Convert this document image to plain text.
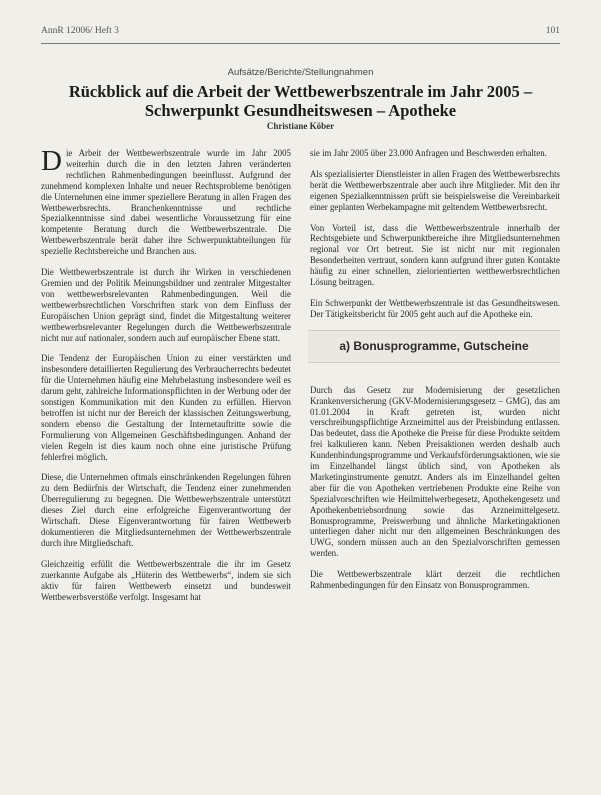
AnnR 12006/ Heft 3	101
Aufsätze/Berichte/Stellungnahmen
Rückblick auf die Arbeit der Wettbewerbszentrale im Jahr 2005 –
Schwerpunkt Gesundheitswesen – Apotheke
Christiane Köber

Die Arbeit der Wettbewerbszentrale wurde im Jahr 2005 weiterhin durch die in den letzten Jahren veränderten rechtlichen Rahmenbedingungen beeinflusst. Aufgrund der zunehmend komplexen Inhalte und neuer Rechtsprobleme benötigen die Unternehmen eine immer speziellere Beratung in allen Fragen des Wettbewerbsrechts. Branchenkenntnisse und rechtliche Spezialkenntnisse sind dabei wesentliche Voraussetzung für eine kompetente Beratung durch die Wettbewerbszentrale. Die Wettbewerbszentrale berät daher ihre Schwerpunktabteilungen für spezielle Rechtsbereiche und Branchen aus.

Die Wettbewerbszentrale ist durch ihr Wirken in verschiedenen Gremien und der Politik Meinungsbildner und zentraler Mitgestalter von wettbewerbsrelevanten Rahmenbedingungen. Weil die wettbewerbsrechtlichen Vorschriften stark von dem Einfluss der Europäischen Union geprägt sind, findet die Mitgestaltung weiterer wettbewerbsrelevanter Regelungen durch die Wettbewerbszentrale nicht nur auf nationaler, sondern auch auf europäischer Ebene statt.

Die Tendenz der Europäischen Union zu einer verstärkten und insbesondere detaillierten Regulierung des Verbraucherrechts bedeutet für die Unternehmen häufig eine Mehrbelastung insbesondere weil es darum geht, zahlreiche Informationspflichten in der Werbung oder der sonstigen Kommunikation mit den Kunden zu erfüllen. Hiervon betroffen ist nicht nur der Bereich der klassischen Zeitungswerbung, sondern ebenso die Gestaltung der Internetauftritte sowie die Formulierung von Allgemeinen Geschäftsbedingungen. Anhand der vielen Regeln ist dies kaum noch ohne eine juristische Prüfung fehlerfrei möglich.

Diese, die Unternehmen oftmals einschränkenden Regelungen führen zu dem Bedürfnis der Wirtschaft, die Tendenz einer zunehmenden Überregulierung zu begegnen. Die Wettbewerbszentrale unterstützt dieses Ziel durch eine erfolgreiche Eigenverantwortung der Wirtschaft. Diese Eigenverantwortung für fairen Wettbewerb dokumentieren die Mitgliedsunternehmen der Wettbewerbszentrale durch ihre Mitgliedschaft.

Gleichzeitig erfüllt die Wettbewerbszentrale die ihr im Gesetz zuerkannte Aufgabe als „Hüterin des Wettbewerbs“, indem sie sich aktiv für fairen Wettbewerb einsetzt und bundesweit Wettbewerbsverstöße verfolgt. Insgesamt hat

sie im Jahr 2005 über 23.000 Anfragen und Beschwerden erhalten.

Als spezialisierter Dienstleister in allen Fragen des Wettbewerbsrechts berät die Wettbewerbszentrale aber auch ihre Mitglieder. Mit den ihr eigenen Spezialkenntnissen prüft sie beispielsweise die Vereinbarkeit einer geplanten Werbekampagne mit geltendem Wettbewerbsrecht.

Von Vorteil ist, dass die Wettbewerbszentrale innerhalb der Rechtsgebiete und Schwerpunktbereiche ihre Mitgliedsunternehmen regional vor Ort betreut. Sie ist nicht nur mit regionalen Besonderheiten vertraut, sondern kann aufgrund ihrer guten Kontakte häufig zu einer schnellen, zielorientierten wettbewerbsrechtlichen Lösung beitragen.

Ein Schwerpunkt der Wettbewerbszentrale ist das Gesundheitswesen. Der Tätigkeitsbericht für 2005 geht auch auf die Apotheke ein.

a) Bonusprogramme, Gutscheine

Durch das Gesetz zur Modernisierung der gesetzlichen Krankenversicherung (GKV-Modernisierungsgesetz – GMG), das am 01.01.2004 in Kraft getreten ist, wurden nicht verschreibungspflichtige Arzneimittel aus der Preisbindung entlassen. Das bedeutet, dass die Apotheke die Preise für diese Produkte seitdem frei kalkulieren kann. Neben Preisaktionen werden deshalb auch Kundenbindungsprogramme und Verkaufsförderungsaktionen, wie sie im Einzelhandel längst üblich sind, von Apotheken als Marketinginstrumente genutzt. Anders als im Einzelhandel gelten aber für die von Apotheken vertriebenen Produkte eine Reihe von Spezialvorschriften wie Heilmittelwerbegesetz, Apothekengesetz und Apothekenbetriebsordnung sowie das Arzneimittelgesetz. Bonusprogramme, Preiswerbung und ähnliche Marketingaktionen unterliegen daher nicht nur den allgemeinen Beschränkungen des UWG, sondern müssen auch an den Spezialvorschriften gemessen werden.

Die Wettbewerbszentrale klärt derzeit die rechtlichen Rahmenbedingungen für den Einsatz von Bonusprogrammen.
